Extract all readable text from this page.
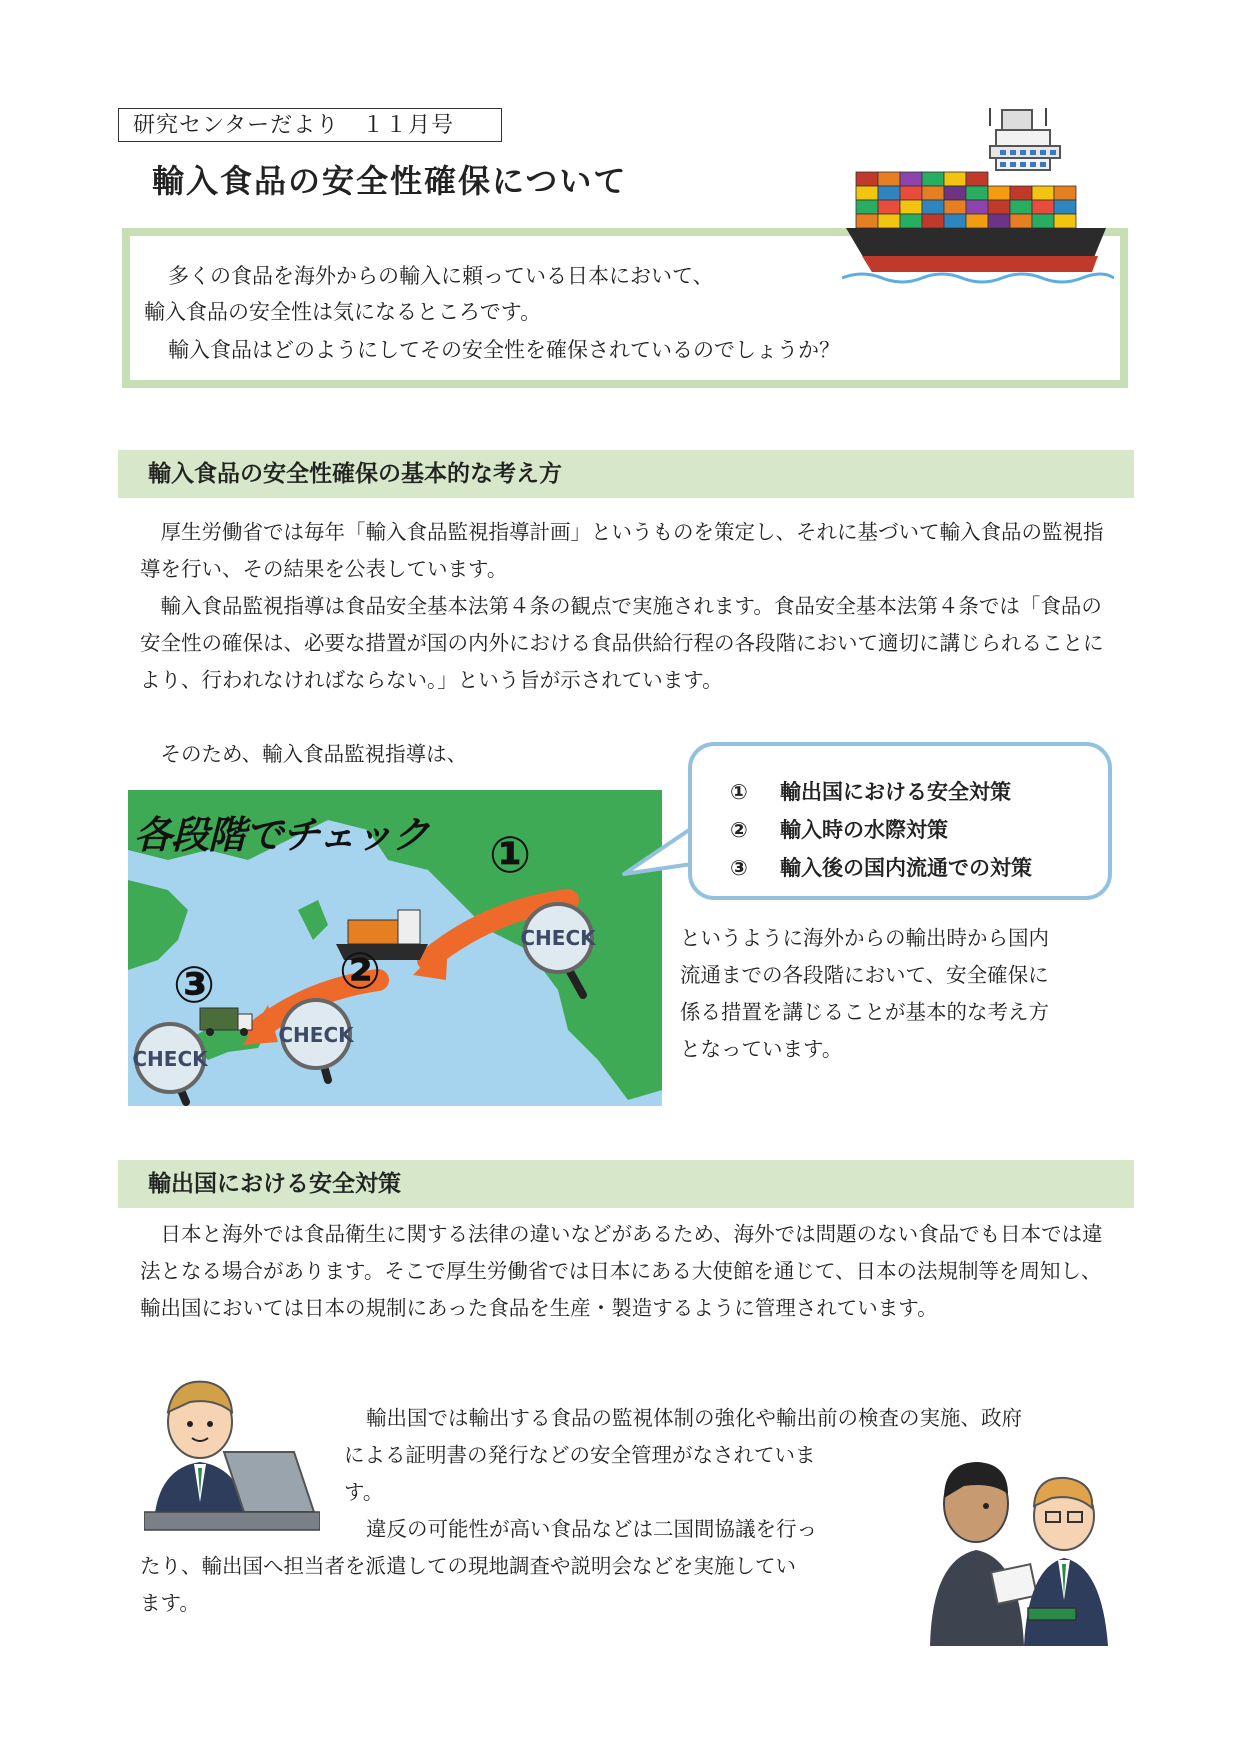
研究センターだより　１１月号
輸入食品の安全性確保について

多くの食品を海外からの輸入に頼っている日本において、

輸入食品の安全性は気になるところです。

輸入食品はどのようにしてその安全性を確保されているのでしょうか？

輸入食品の安全性確保の基本的な考え方

厚生労働省では毎年「輸入食品監視指導計画」というものを策定し、それに基づいて輸入食品の監視指導を行い、その結果を公表しています。

輸入食品監視指導は食品安全基本法第４条の観点で実施されます。食品安全基本法第４条では「食品の安全性の確保は、必要な措置が国の内外における食品供給行程の各段階において適切に講じられることにより、行われなければならない。」という旨が示されています。

そのため、輸入食品監視指導は、

CHECK
CHECK
CHECK
①
②
③
各段階でチェック
① 輸出国における安全対策
② 輸入時の水際対策
③ 輸入後の国内流通での対策
というように海外からの輸出時から国内
流通までの各段階において、安全確保に
係る措置を講じることが基本的な考え方
となっています。
輸出国における安全対策

日本と海外では食品衛生に関する法律の違いなどがあるため、海外では問題のない食品でも日本では違法となる場合があります。そこで厚生労働省では日本にある大使館を通じて、日本の法規制等を周知し、輸出国においては日本の規制にあった食品を生産・製造するように管理されています。

輸出国では輸出する食品の監視体制の強化や輸出前の検査の実施、政府
による証明書の発行などの安全管理がなされていま
す。
違反の可能性が高い食品などは二国間協議を行っ
たり、輸出国へ担当者を派遣しての現地調査や説明会などを実施してい
ます。
